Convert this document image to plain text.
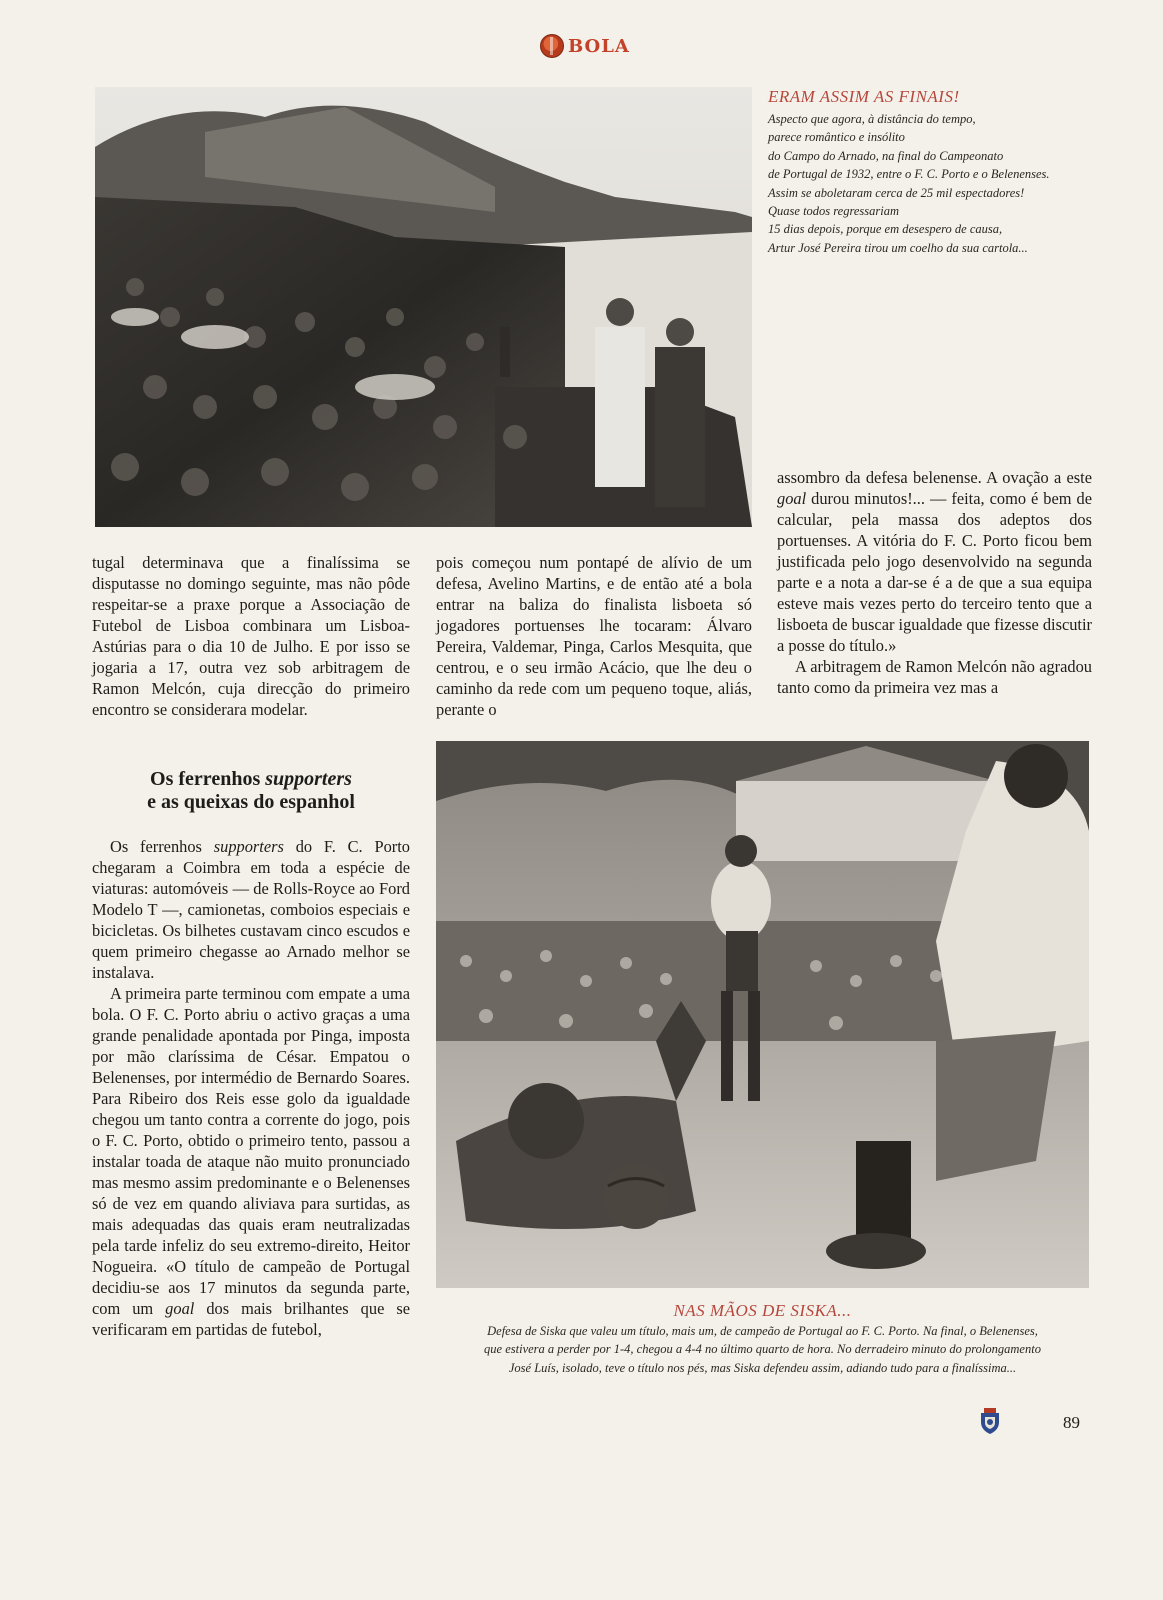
BOLA
ERAM ASSIM AS FINAIS!
Aspecto que agora, à distância do tempo,
parece romântico e insólito
do Campo do Arnado, na final do Campeonato
de Portugal de 1932, entre o F. C. Porto e o Belenenses.
Assim se aboletaram cerca de 25 mil espectadores!
Quase todos regressariam
15 dias depois, porque em desespero de causa,
Artur José Pereira tirou um coelho da sua cartola...

tugal determinava que a finalíssima se disputasse no domingo seguinte, mas não pôde respeitar-se a praxe porque a Associação de Futebol de Lisboa combinara um Lisboa-Astúrias para o dia 10 de Julho. E por isso se jogaria a 17, outra vez sob arbitragem de Ramon Melcón, cuja direcção do primeiro encontro se considerara modelar.

pois começou num pontapé de alívio de um defesa, Avelino Martins, e de então até a bola entrar na baliza do finalista lisboeta só jogadores portuenses lhe tocaram: Álvaro Pereira, Valdemar, Pinga, Carlos Mesquita, que centrou, e o seu irmão Acácio, que lhe deu o caminho da rede com um pequeno toque, aliás, perante o

assombro da defesa belenense. A ovação a este goal durou minutos!... — feita, como é bem de calcular, pela massa dos adeptos dos portuenses. A vitória do F. C. Porto ficou bem justificada pelo jogo desenvolvido na segunda parte e a nota a dar-se é a de que a sua equipa esteve mais vezes perto do terceiro tento que a lisboeta de buscar igualdade que fizesse discutir a posse do título.»

A arbitragem de Ramon Melcón não agradou tanto como da primeira vez mas a

Os ferrenhos supporters
e as queixas do espanhol

Os ferrenhos supporters do F. C. Porto chegaram a Coimbra em toda a espécie de viaturas: automóveis — de Rolls-Royce ao Ford Modelo T —, camionetas, comboios especiais e bicicletas. Os bilhetes custavam cinco escudos e quem primeiro chegasse ao Arnado melhor se instalava.

A primeira parte terminou com empate a uma bola. O F. C. Porto abriu o activo graças a uma grande penalidade apontada por Pinga, imposta por mão claríssima de César. Empatou o Belenenses, por intermédio de Bernardo Soares. Para Ribeiro dos Reis esse golo da igualdade chegou um tanto contra a corrente do jogo, pois o F. C. Porto, obtido o primeiro tento, passou a instalar toada de ataque não muito pronunciado mas mesmo assim predominante e o Belenenses só de vez em quando aliviava para surtidas, as mais adequadas das quais eram neutralizadas pela tarde infeliz do seu extremo-direito, Heitor Nogueira. «O título de campeão de Portugal decidiu-se aos 17 minutos da segunda parte, com um goal dos mais brilhantes que se verificaram em partidas de futebol,

NAS MÃOS DE SISKA...
Defesa de Siska que valeu um título, mais um, de campeão de Portugal ao F. C. Porto. Na final, o Belenenses,
que estivera a perder por 1-4, chegou a 4-4 no último quarto de hora. No derradeiro minuto do prolongamento
José Luís, isolado, teve o título nos pés, mas Siska defendeu assim, adiando tudo para a finalíssima...
89
